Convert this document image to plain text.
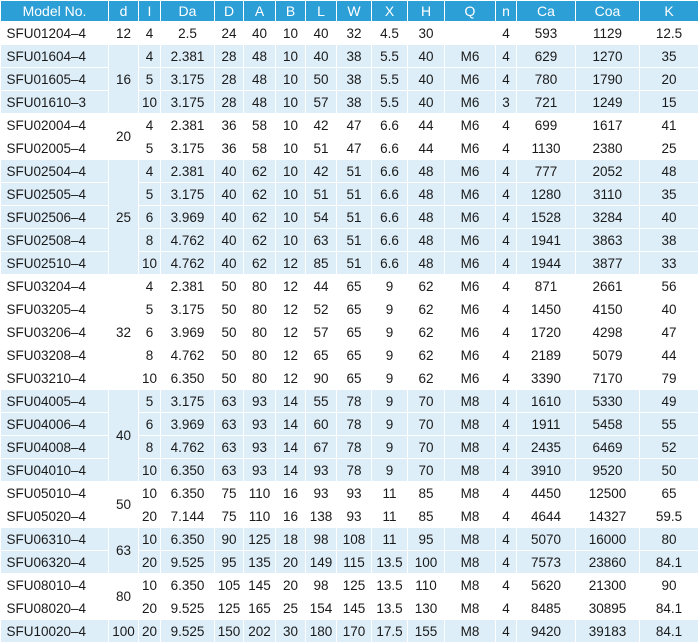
Model No.	d	I	Da	D	A	B	L	W	X	H	Q	n	Ca	Coa	K
SFU01204–4	12	4	2.5	24	40	10	40	32	4.5	30		4	593	1129	12.5
SFU01604–4	16	4	2.381	28	48	10	40	38	5.5	40	M6	4	629	1270	35
SFU01605–4		5	3.175	28	48	10	50	38	5.5	40	M6	4	780	1790	20
SFU01610–3		10	3.175	28	48	10	57	38	5.5	40	M6	3	721	1249	15
SFU02004–4	20	4	2.381	36	58	10	42	47	6.6	44	M6	4	699	1617	41
SFU02005–4		5	3.175	36	58	10	51	47	6.6	44	M6	4	1130	2380	25
SFU02504–4	25	4	2.381	40	62	10	42	51	6.6	48	M6	4	777	2052	48
SFU02505–4		5	3.175	40	62	10	51	51	6.6	48	M6	4	1280	3110	35
SFU02506–4		6	3.969	40	62	10	54	51	6.6	48	M6	4	1528	3284	40
SFU02508–4		8	4.762	40	62	10	63	51	6.6	48	M6	4	1941	3863	38
SFU02510–4		10	4.762	40	62	12	85	51	6.6	48	M6	4	1944	3877	33
SFU03204–4	32	4	2.381	50	80	12	44	65	9	62	M6	4	871	2661	56
SFU03205–4		5	3.175	50	80	12	52	65	9	62	M6	4	1450	4150	40
SFU03206–4		6	3.969	50	80	12	57	65	9	62	M6	4	1720	4298	47
SFU03208–4		8	4.762	50	80	12	65	65	9	62	M6	4	2189	5079	44
SFU03210–4		10	6.350	50	80	12	90	65	9	62	M6	4	3390	7170	79
SFU04005–4	40	5	3.175	63	93	14	55	78	9	70	M8	4	1610	5330	49
SFU04006–4		6	3.969	63	93	14	60	78	9	70	M8	4	1911	5458	55
SFU04008–4		8	4.762	63	93	14	67	78	9	70	M8	4	2435	6469	52
SFU04010–4		10	6.350	63	93	14	93	78	9	70	M8	4	3910	9520	50
SFU05010–4	50	10	6.350	75	110	16	93	93	11	85	M8	4	4450	12500	65
SFU05020–4		20	7.144	75	110	16	138	93	11	85	M8	4	4644	14327	59.5
SFU06310–4	63	10	6.350	90	125	18	98	108	11	95	M8	4	5070	16000	80
SFU06320–4		20	9.525	95	135	20	149	115	13.5	100	M8	4	7573	23860	84.1
SFU08010–4	80	10	6.350	105	145	20	98	125	13.5	110	M8	4	5620	21300	90
SFU08020–4		20	9.525	125	165	25	154	145	13.5	130	M8	4	8485	30895	84.1
SFU10020–4	100	20	9.525	150	202	30	180	170	17.5	155	M8	4	9420	39183	84.1
